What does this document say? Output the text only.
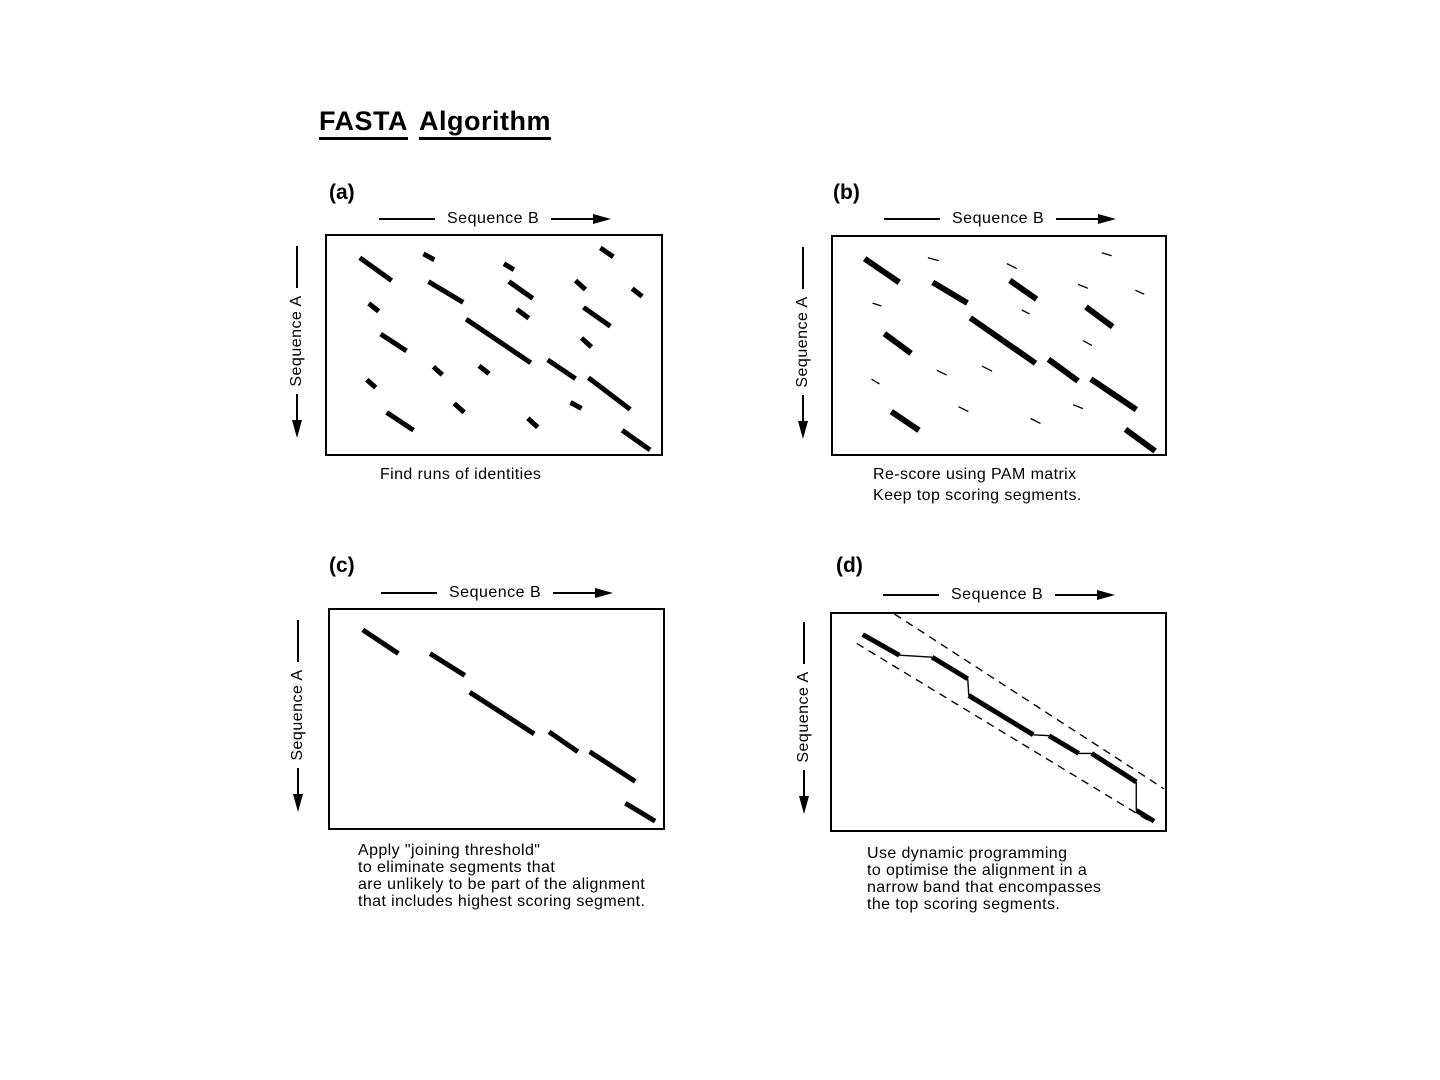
FASTA Algorithm
(a)
Sequence B
Sequence A
Find runs of identities
(b)
Sequence B
Sequence A
Re-score using PAM matrix
Keep top scoring segments.
(c)
Sequence B
Sequence A
Apply "joining threshold"
to eliminate segments that
are unlikely to be part of the alignment
that includes highest scoring segment.
(d)
Sequence B
Sequence A
Use dynamic programming
to optimise the alignment in a
narrow band that encompasses
the top scoring segments.
